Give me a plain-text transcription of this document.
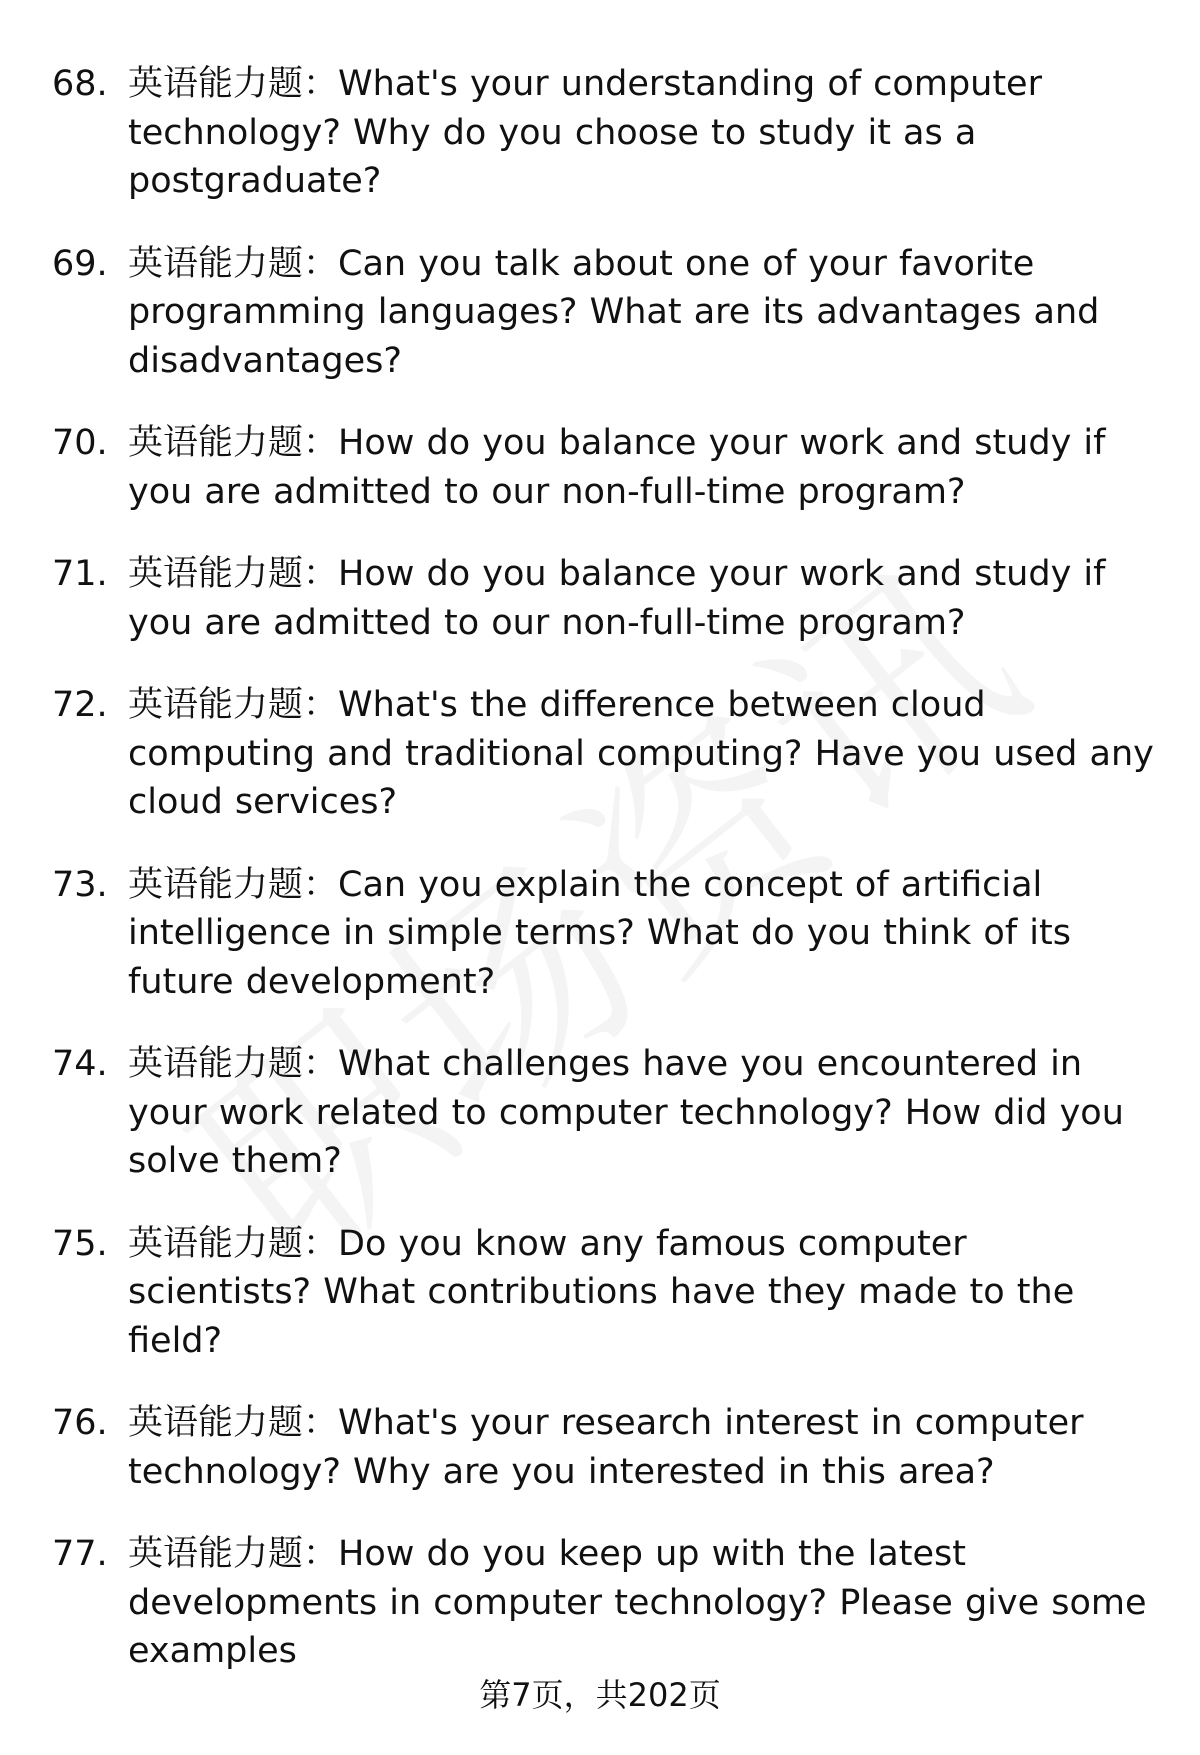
68. 英语能力题：What's your understanding of computer technology? Why do you choose to study it as a postgraduate?
69. 英语能力题：Can you talk about one of your favorite programming languages? What are its advantages and disadvantages?
70. 英语能力题：How do you balance your work and study if you are admitted to our non-full-time program?
71. 英语能力题：How do you balance your work and study if you are admitted to our non-full-time program?
72. 英语能力题：What's the difference between cloud computing and traditional computing? Have you used any cloud services?
73. 英语能力题：Can you explain the concept of artificial intelligence in simple terms? What do you think of its future development?
74. 英语能力题：What challenges have you encountered in your work related to computer technology? How did you solve them?
75. 英语能力题：Do you know any famous computer scientists? What contributions have they made to the field?
76. 英语能力题：What's your research interest in computer technology? Why are you interested in this area?
77. 英语能力题：How do you keep up with the latest developments in computer technology? Please give some examples
第7页，共202页
